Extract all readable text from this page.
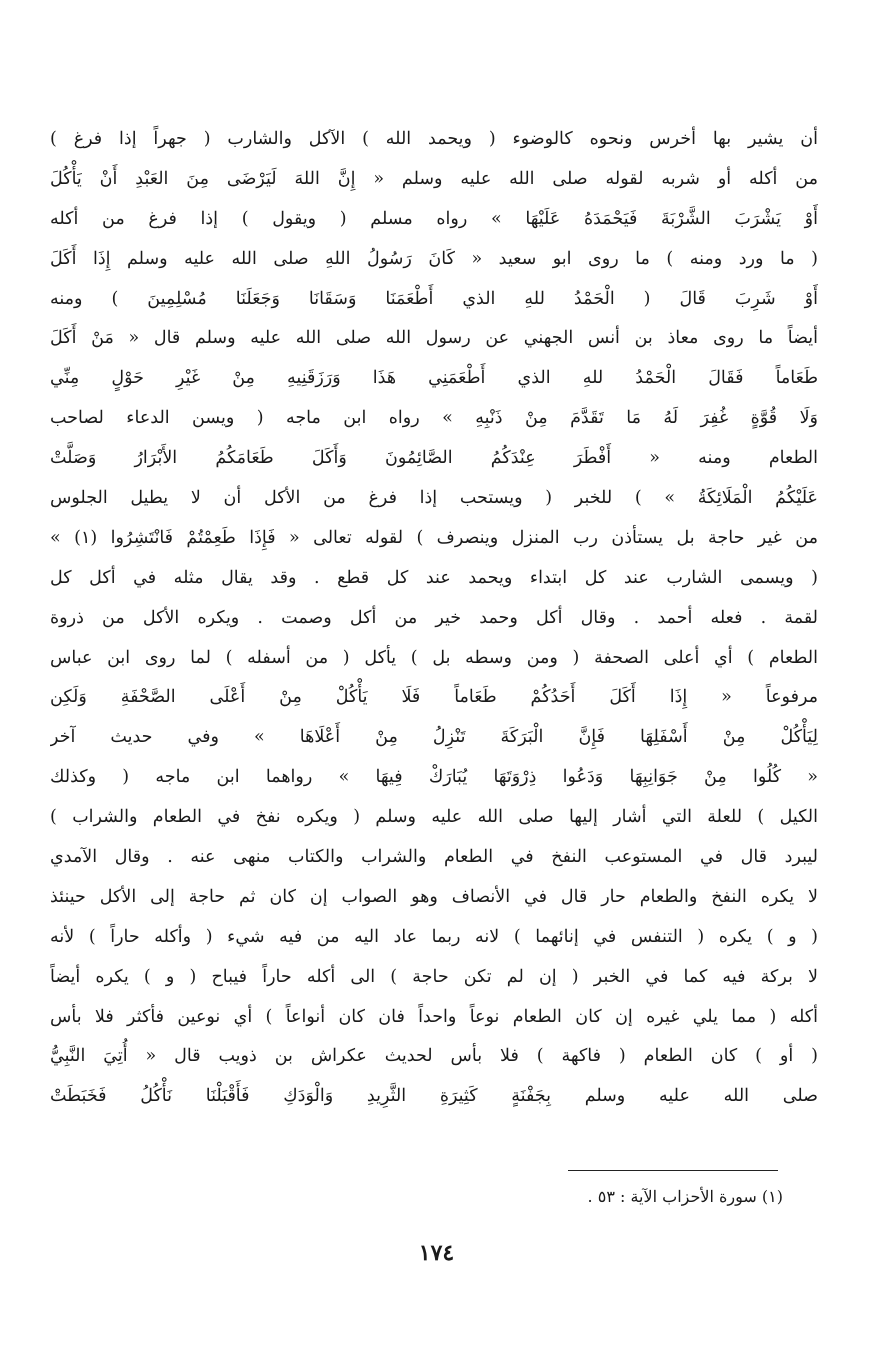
أن يشير بها أخرس ونحوه كالوضوء ( ويحمد الله ) الآكل والشارب ( جهراً إذا فرغ )
من أكله أو شربه لقوله صلى الله عليه وسلم « إِنَّ اللهَ لَيَرْضَى مِنَ العَبْدِ أَنْ يَأْكُلَ
أَوْ يَشْرَبَ الشَّرْبَةَ فَيَحْمَدَهُ عَلَيْهَا » رواه مسلم ( ويقول ) إذا فرغ من أكله
( ما ورد ومنه ) ما روى ابو سعيد « كَانَ رَسُولُ اللهِ صلى الله عليه وسلم إِذَا أَكَلَ
أَوْ شَرِبَ قَالَ ( الْحَمْدُ للهِ الذي أَطْعَمَنَا وَسَقَانَا وَجَعَلَنَا مُسْلِمِينَ ) ومنه
أيضاً ما روى معاذ بن أنس الجهني عن رسول الله صلى الله عليه وسلم قال « مَنْ أَكَلَ
طَعَاماً فَقَالَ الْحَمْدُ للهِ الذي أَطْعَمَنِي هَذَا وَرَزَقَنِيهِ مِنْ غَيْرِ حَوْلٍ مِنِّي
وَلَا قُوَّةٍ غُفِرَ لَهُ مَا تَقَدَّمَ مِنْ ذَنْبِهِ » رواه ابن ماجه ( ويسن الدعاء لصاحب
الطعام ومنه « أَفْطَرَ عِنْدَكُمُ الصَّائِمُونَ وَأَكَلَ طَعَامَكُمُ الأَبْرَارُ وَصَلَّتْ
عَلَيْكُمُ الْمَلَائِكَةُ » ) للخبر ( ويستحب إذا فرغ من الأكل أن لا يطيل الجلوس
من غير حاجة بل يستأذن رب المنزل وينصرف ) لقوله تعالى « فَإِذَا طَعِمْتُمْ فَانْتَشِرُوا (١) »
( ويسمى الشارب عند كل ابتداء ويحمد عند كل قطع . وقد يقال مثله في أكل كل
لقمة . فعله أحمد . وقال أكل وحمد خير من أكل وصمت . ويكره الأكل من ذروة
الطعام ) أي أعلى الصحفة ( ومن وسطه بل ) يأكل ( من أسفله ) لما روى ابن عباس
مرفوعاً « إِذَا أَكَلَ أَحَدُكُمْ طَعَاماً فَلَا يَأْكُلْ مِنْ أَعْلَى الصَّحْفَةِ وَلَكِن
لِيَأْكُلْ مِنْ أَسْفَلِهَا فَإِنَّ الْبَرَكَةَ تَنْزِلُ مِنْ أَعْلَاهَا » وفي حديث آخر
« كُلُوا مِنْ جَوَانِبِهَا وَدَعُوا ذِرْوَتَهَا يُبَارَكْ فِيهَا » رواهما ابن ماجه ( وكذلك
الكيل ) للعلة التي أشار إليها صلى الله عليه وسلم ( ويكره نفخ في الطعام والشراب )
ليبرد قال في المستوعب النفخ في الطعام والشراب والكتاب منهى عنه . وقال الآمدي
لا يكره النفخ والطعام حار قال في الأنصاف وهو الصواب إن كان ثم حاجة إلى الأكل حينئذ
( و ) يكره ( التنفس في إنائهما ) لانه ربما عاد اليه من فيه شيء ( وأكله حاراً ) لأنه
لا بركة فيه كما في الخبر ( إن لم تكن حاجة ) الى أكله حاراً فيباح ( و ) يكره أيضاً
أكله ( مما يلي غيره إن كان الطعام نوعاً واحداً فان كان أنواعاً ) أي نوعين فأكثر فلا بأس
( أو ) كان الطعام ( فاكهة ) فلا بأس لحديث عكراش بن ذويب قال « أُتِيَ النَّبِيُّ
صلى الله عليه وسلم بِجَفْنَةٍ كَثِيرَةِ الثَّرِيدِ وَالْوَدَكِ فَأَقْبَلْنَا نَأْكُلُ فَخَبَطَتْ
(١) سورة الأحزاب الآية : ٥٣ .
١٧٤
